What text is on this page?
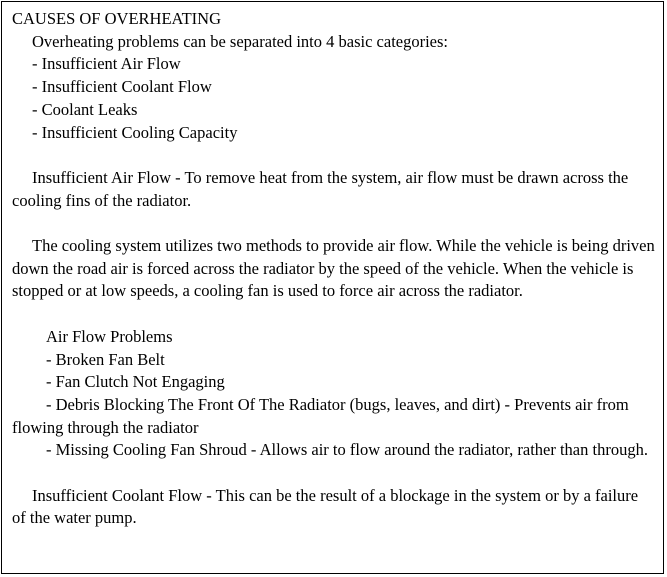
CAUSES OF OVERHEATING
Overheating problems can be separated into 4 basic categories:
- Insufficient Air Flow
- Insufficient Coolant Flow
- Coolant Leaks
- Insufficient Cooling Capacity

Insufficient Air Flow - To remove heat from the system, air flow must be drawn across the cooling fins of the radiator.

The cooling system utilizes two methods to provide air flow. While the vehicle is being driven down the road air is forced across the radiator by the speed of the vehicle. When the vehicle is stopped or at low speeds, a cooling fan is used to force air across the radiator.

Air Flow Problems
- Broken Fan Belt
- Fan Clutch Not Engaging

- Debris Blocking The Front Of The Radiator (bugs, leaves, and dirt) - Prevents air from flowing through the radiator

- Missing Cooling Fan Shroud - Allows air to flow around the radiator, rather than through.

Insufficient Coolant Flow - This can be the result of a blockage in the system or by a failure of the water pump.
